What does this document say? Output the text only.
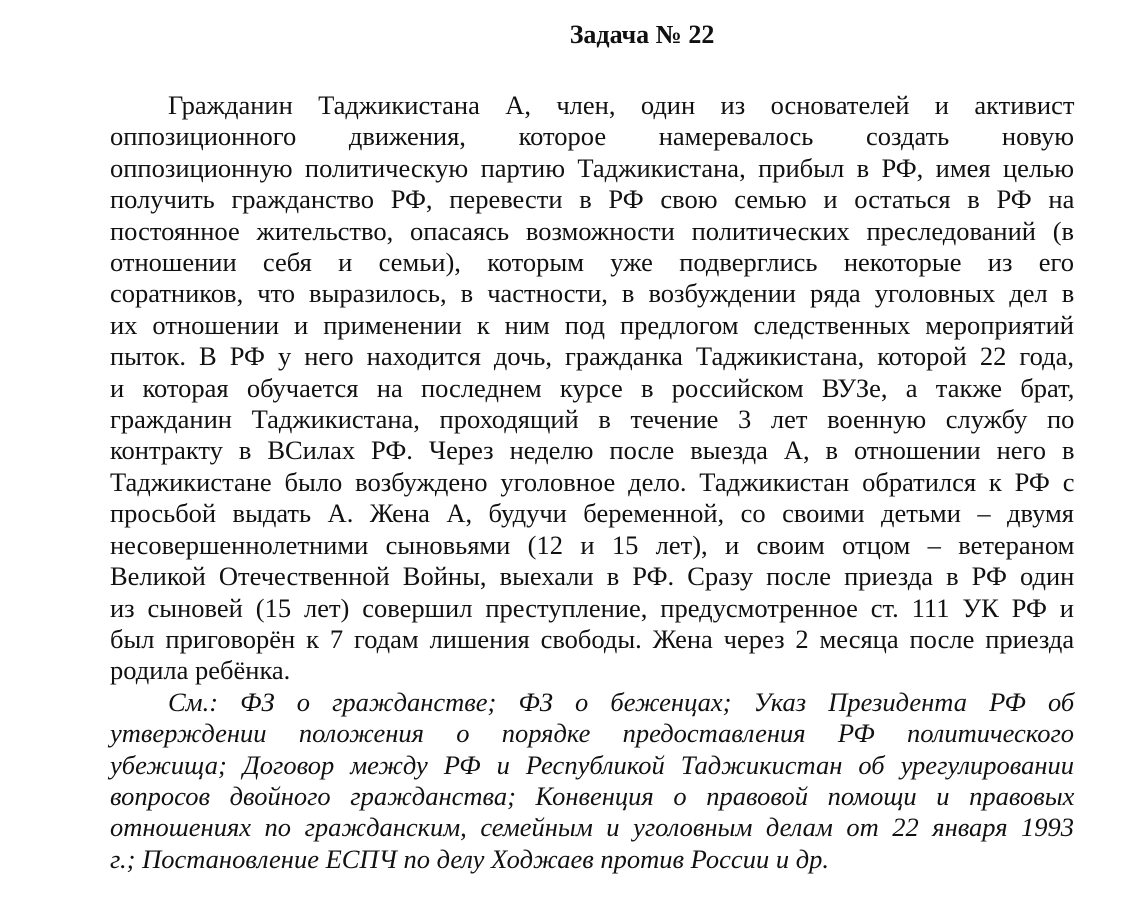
Задача № 22
Гражданин Таджикистана А, член, один из основателей и активист
оппозиционного движения, которое намеревалось создать новую
оппозиционную политическую партию Таджикистана, прибыл в РФ, имея целью
получить гражданство РФ, перевести в РФ свою семью и остаться в РФ на
постоянное жительство, опасаясь возможности политических преследований (в
отношении себя и семьи), которым уже подверглись некоторые из его
соратников, что выразилось, в частности, в возбуждении ряда уголовных дел в
их отношении и применении к ним под предлогом следственных мероприятий
пыток. В РФ у него находится дочь, гражданка Таджикистана, которой 22 года,
и которая обучается на последнем курсе в российском ВУЗе, а также брат,
гражданин Таджикистана, проходящий в течение 3 лет военную службу по
контракту в ВСилах РФ. Через неделю после выезда А, в отношении него в
Таджикистане было возбуждено уголовное дело. Таджикистан обратился к РФ с
просьбой выдать А. Жена А, будучи беременной, со своими детьми – двумя
несовершеннолетними сыновьями (12 и 15 лет), и своим отцом – ветераном
Великой Отечественной Войны, выехали в РФ. Сразу после приезда в РФ один
из сыновей (15 лет) совершил преступление, предусмотренное ст. 111 УК РФ и
был приговорён к 7 годам лишения свободы. Жена через 2 месяца после приезда
родила ребёнка.
См.: ФЗ о гражданстве; ФЗ о беженцах; Указ Президента РФ об
утверждении положения о порядке предоставления РФ политического
убежища; Договор между РФ и Республикой Таджикистан об урегулировании
вопросов двойного гражданства; Конвенция о правовой помощи и правовых
отношениях по гражданским, семейным и уголовным делам от 22 января 1993
г.; Постановление ЕСПЧ по делу Ходжаев против России и др.
